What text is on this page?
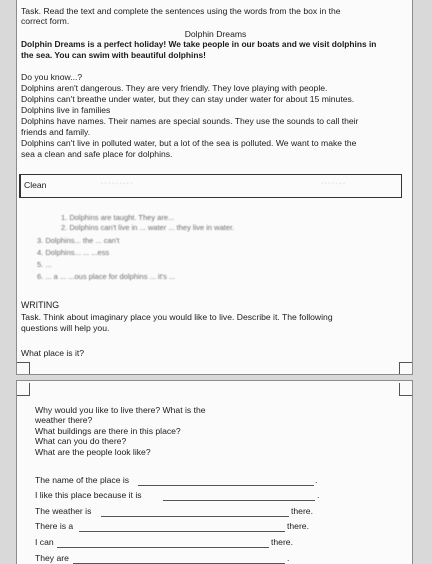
Task. Read the text and complete the sentences using the words from the box in the
correct form.
Dolphin Dreams
Dolphin Dreams is a perfect holiday! We take people in our boats and we visit dolphins in
the sea. You can swim with beautiful dolphins!
Do you know...?
Dolphins aren't dangerous. They are very friendly. They love playing with people.
Dolphins can't breathe under water, but they can stay under water for about 15 minutes.
Dolphins live in families
Dolphins have names. Their names are special sounds. They use the sounds to call their
friends and family.
Dolphins can't live in polluted water, but a lot of the sea is polluted. We want to make the
sea a clean and safe place for dolphins.
Clean	· · · · · · · · ·	· · · · · · ·
1. Dolphins are taught. They are...
2. Dolphins can't live in ... water ... they live in water.
3. Dolphins... the ... can't
4. Dolphins... ... ...ess
5. ...
6. ... a ... ...ous place for dolphins ... it's ...
WRITING
Task. Think about imaginary place you would like to live. Describe it. The following
questions will help you.
What place is it?
Why would you like to live there? What is the
weather there?
What buildings are there in this place?
What can you do there?
What are the people look like?
The name of the place is	.
I like this place because it is	.
The weather is	there.
There is a	there.
I can	there.
They are	.
